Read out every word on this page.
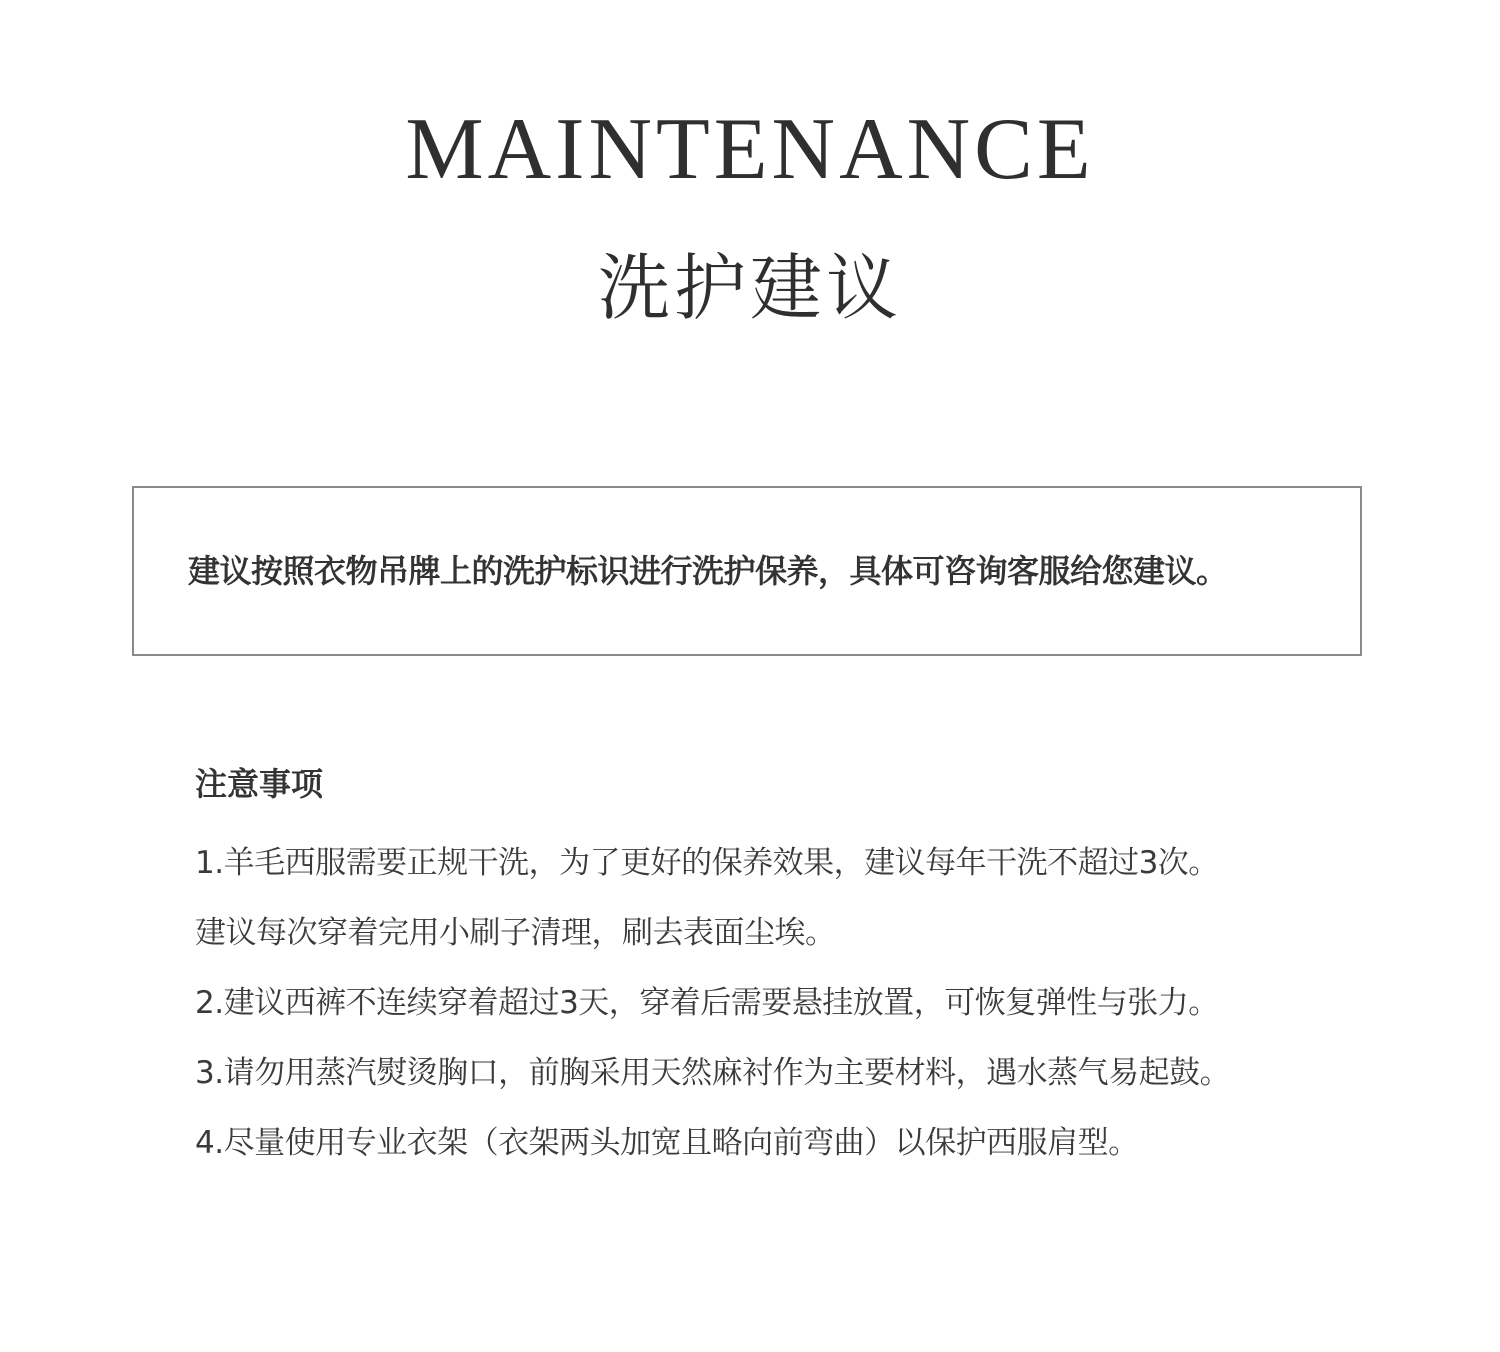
MAINTENANCE
洗护建议
建议按照衣物吊牌上的洗护标识进行洗护保养，具体可咨询客服给您建议。
注意事项
1.羊毛西服需要正规干洗，为了更好的保养效果，建议每年干洗不超过3次。
建议每次穿着完用小刷子清理，刷去表面尘埃。
2.建议西裤不连续穿着超过3天，穿着后需要悬挂放置，可恢复弹性与张力。
3.请勿用蒸汽熨烫胸口，前胸采用天然麻衬作为主要材料，遇水蒸气易起鼓。
4.尽量使用专业衣架（衣架两头加宽且略向前弯曲）以保护西服肩型。
